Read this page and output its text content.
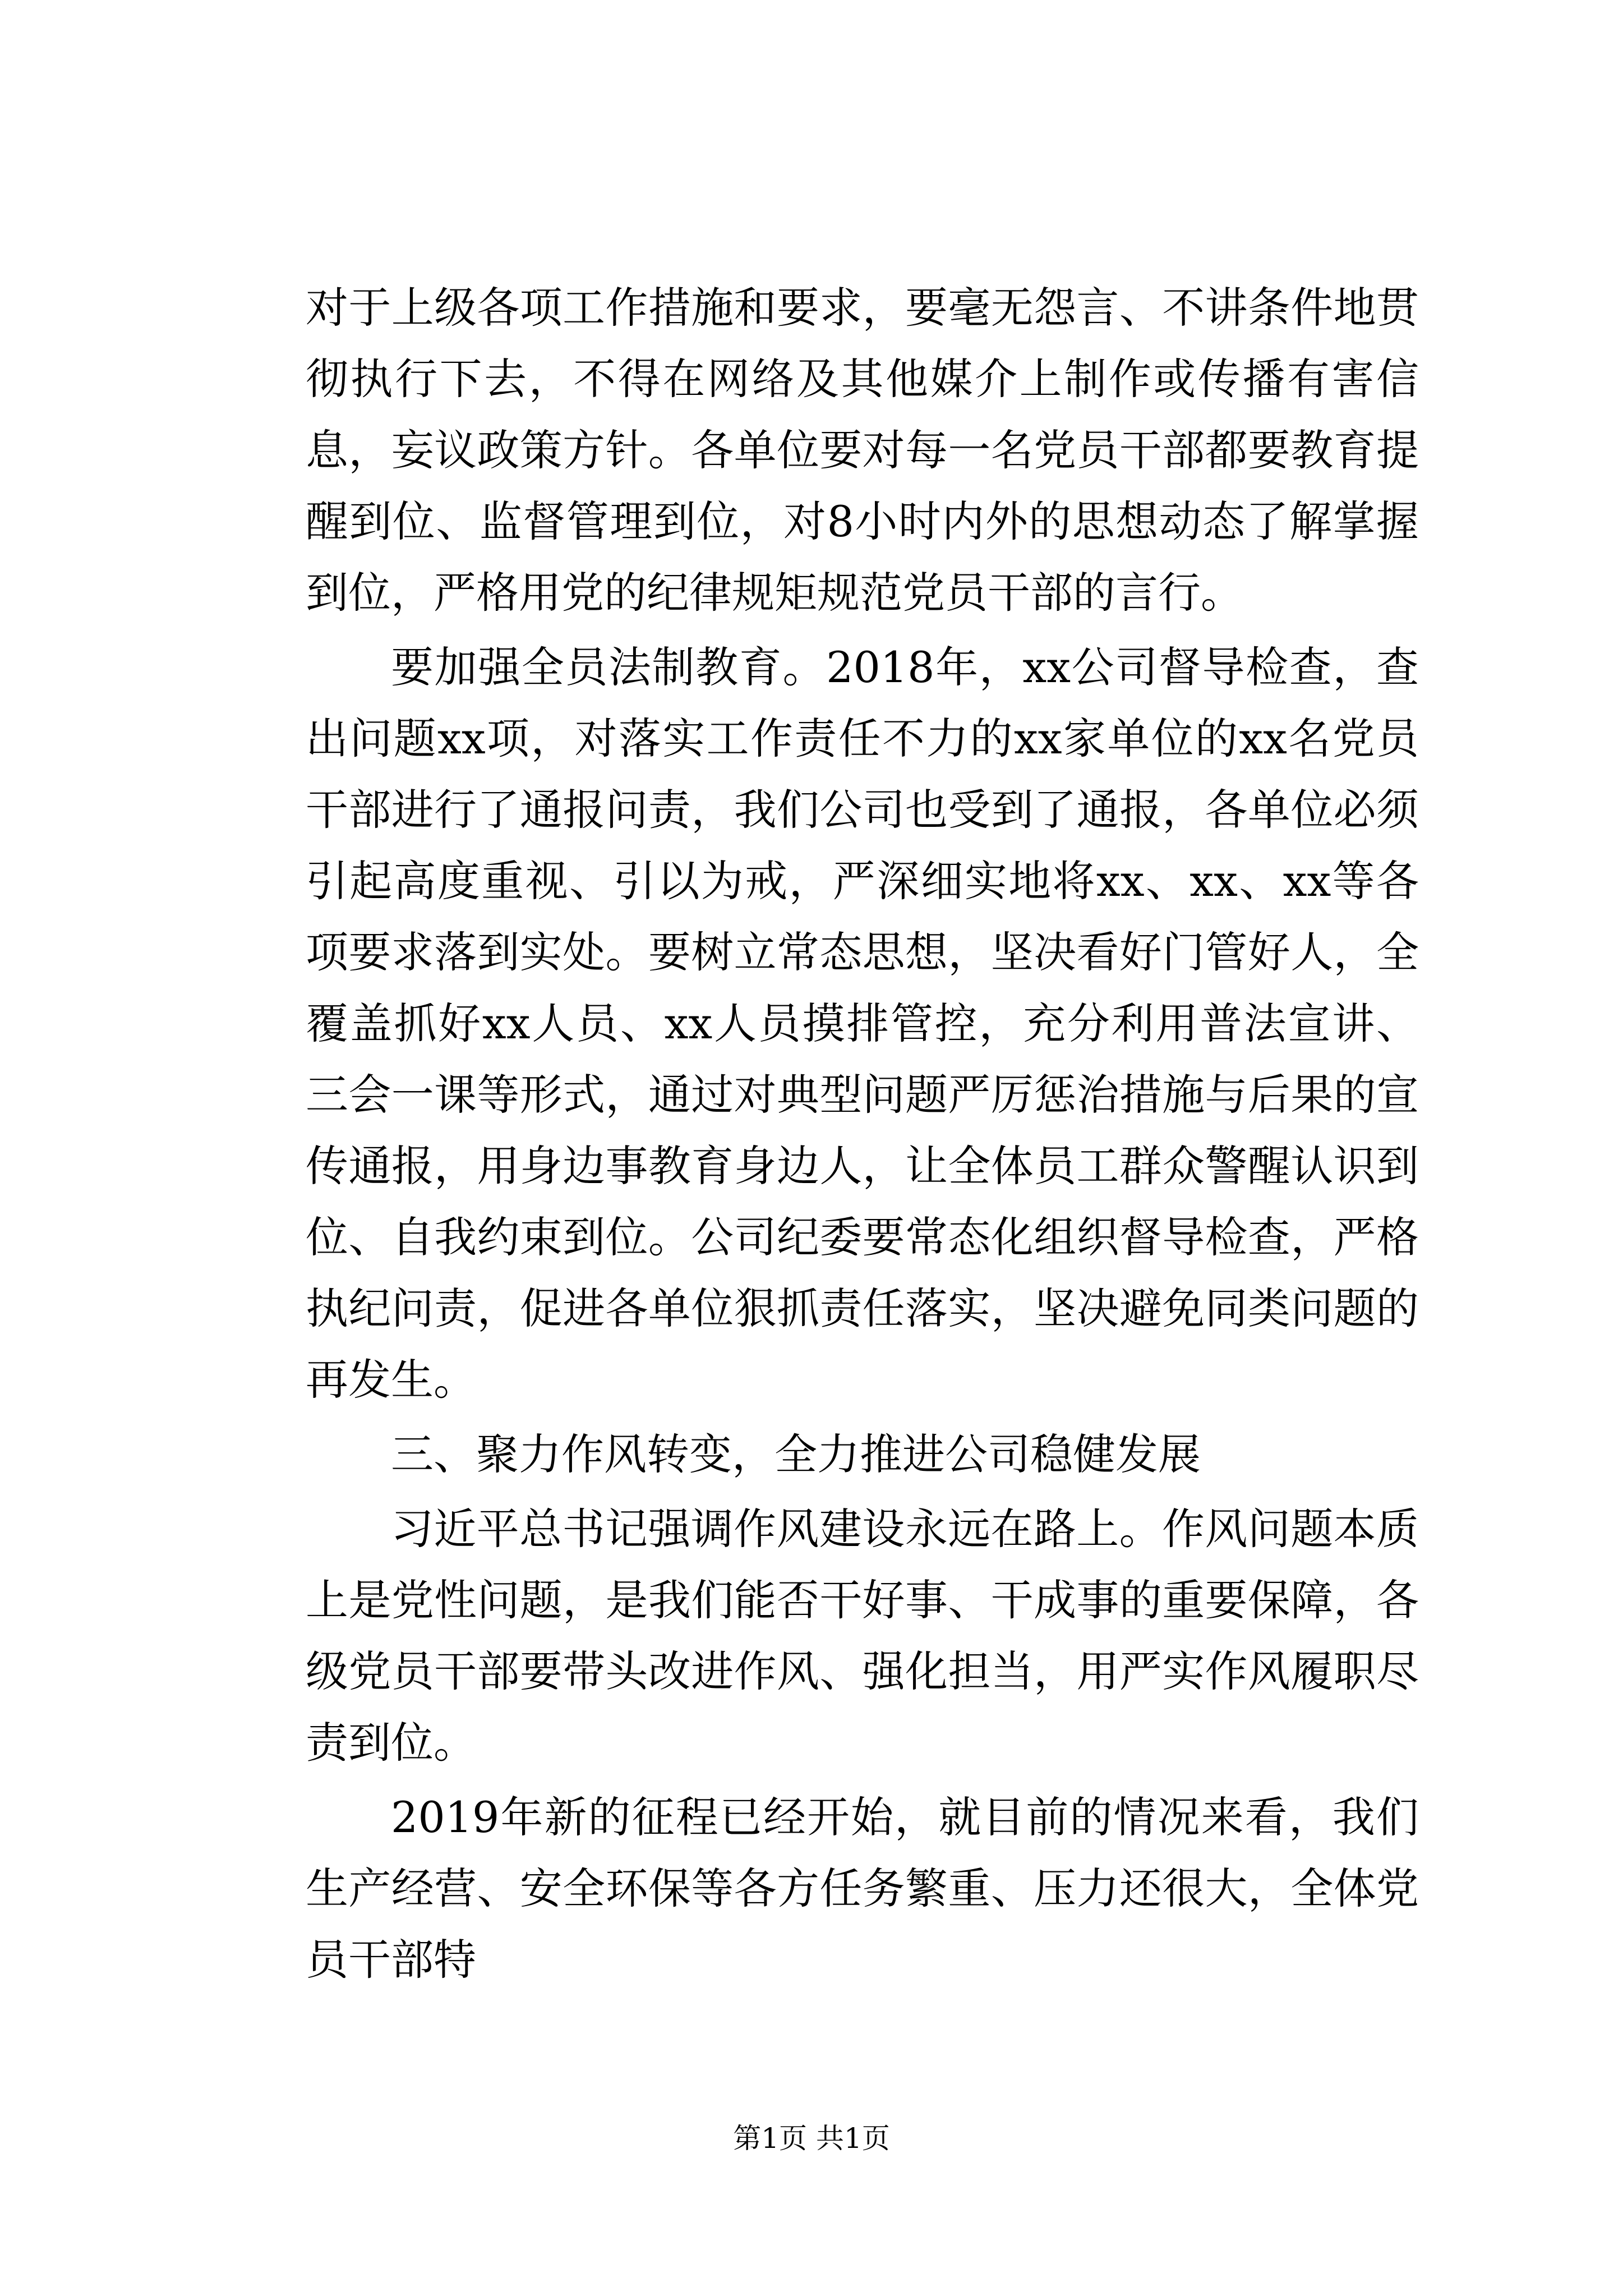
对于上级各项工作措施和要求，要毫无怨言、不讲条件地贯彻执行下去，不得在网络及其他媒介上制作或传播有害信息，妄议政策方针。各单位要对每一名党员干部都要教育提醒到位、监督管理到位，对8小时内外的思想动态了解掌握到位，严格用党的纪律规矩规范党员干部的言行。

要加强全员法制教育。2018年，xx公司督导检查，查出问题xx项，对落实工作责任不力的xx家单位的xx名党员干部进行了通报问责，我们公司也受到了通报，各单位必须引起高度重视、引以为戒，严深细实地将xx、xx、xx等各项要求落到实处。要树立常态思想，坚决看好门管好人，全覆盖抓好xx人员、xx人员摸排管控，充分利用普法宣讲、三会一课等形式，通过对典型问题严厉惩治措施与后果的宣传通报，用身边事教育身边人，让全体员工群众警醒认识到位、自我约束到位。公司纪委要常态化组织督导检查，严格执纪问责，促进各单位狠抓责任落实，坚决避免同类问题的再发生。

三、聚力作风转变，全力推进公司稳健发展

习近平总书记强调作风建设永远在路上。作风问题本质上是党性问题，是我们能否干好事、干成事的重要保障，各级党员干部要带头改进作风、强化担当，用严实作风履职尽责到位。

2019年新的征程已经开始，就目前的情况来看，我们生产经营、安全环保等各方任务繁重、压力还很大，全体党员干部特

第1页 共1页
